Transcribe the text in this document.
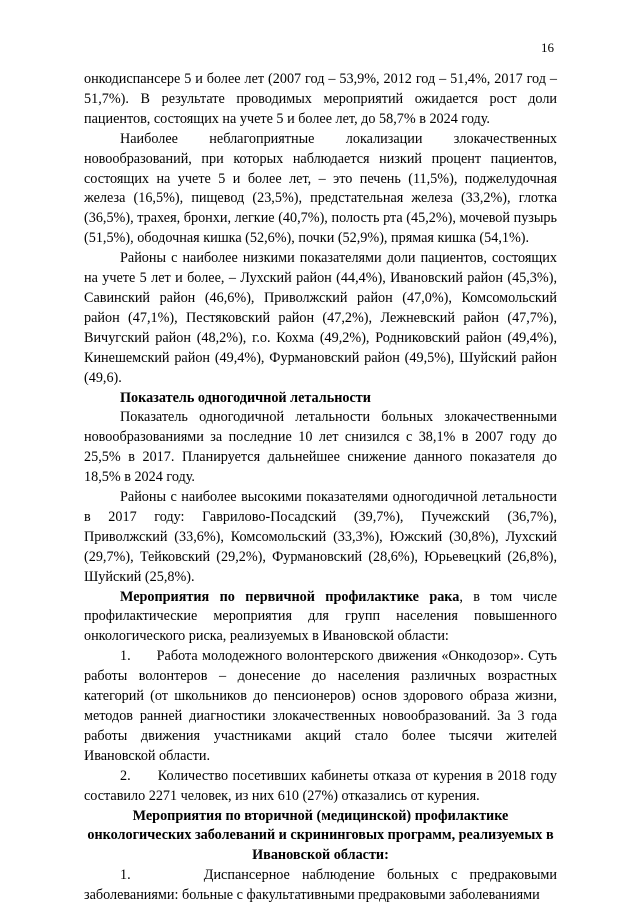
16

онкодиспансере 5 и более лет (2007 год – 53,9%, 2012 год – 51,4%, 2017 год – 51,7%). В результате проводимых мероприятий ожидается рост доли пациентов, состоящих на учете 5 и более лет, до 58,7% в 2024 году.

Наиболее неблагоприятные локализации злокачественных новообразований, при которых наблюдается низкий процент пациентов, состоящих на учете 5 и более лет, – это печень (11,5%), поджелудочная железа (16,5%), пищевод (23,5%), предстательная железа (33,2%), глотка (36,5%), трахея, бронхи, легкие (40,7%), полость рта (45,2%), мочевой пузырь (51,5%), ободочная кишка (52,6%), почки (52,9%), прямая кишка (54,1%).

Районы с наиболее низкими показателями доли пациентов, состоящих на учете 5 лет и более, – Лухский район (44,4%), Ивановский район (45,3%), Савинский район (46,6%), Приволжский район (47,0%), Комсомольский район (47,1%), Пестяковский район (47,2%), Лежневский район (47,7%), Вичугский район (48,2%), г.о. Кохма (49,2%), Родниковский район (49,4%), Кинешемский район (49,4%), Фурмановский район (49,5%), Шуйский район (49,6).

Показатель одногодичной летальности

Показатель одногодичной летальности больных злокачественными новообразованиями за последние 10 лет снизился с 38,1% в 2007 году до 25,5% в 2017. Планируется дальнейшее снижение данного показателя до 18,5% в 2024 году.

Районы с наиболее высокими показателями одногодичной летальности в 2017 году: Гаврилово-Посадский (39,7%), Пучежский (36,7%), Приволжский (33,6%), Комсомольский (33,3%), Южский (30,8%), Лухский (29,7%), Тейковский (29,2%), Фурмановский (28,6%), Юрьевецкий (26,8%), Шуйский (25,8%).

Мероприятия по первичной профилактике рака, в том числе профилактические мероприятия для групп населения повышенного онкологического риска, реализуемых в Ивановской области:

1.      Работа молодежного волонтерского движения «Онкодозор». Суть работы волонтеров – донесение до населения различных возрастных категорий (от школьников до пенсионеров) основ здорового образа жизни, методов ранней диагностики злокачественных новообразований. За 3 года работы движения участниками акций стало более тысячи жителей Ивановской области.

2.      Количество посетивших кабинеты отказа от курения в 2018 году составило 2271 человек, из них 610 (27%) отказались от курения.

Мероприятия по вторичной (медицинской) профилактике онкологических заболеваний и скрининговых программ, реализуемых в Ивановской области:

1.      Диспансерное наблюдение больных с предраковыми заболеваниями: больные с факультативными предраковыми заболеваниями
